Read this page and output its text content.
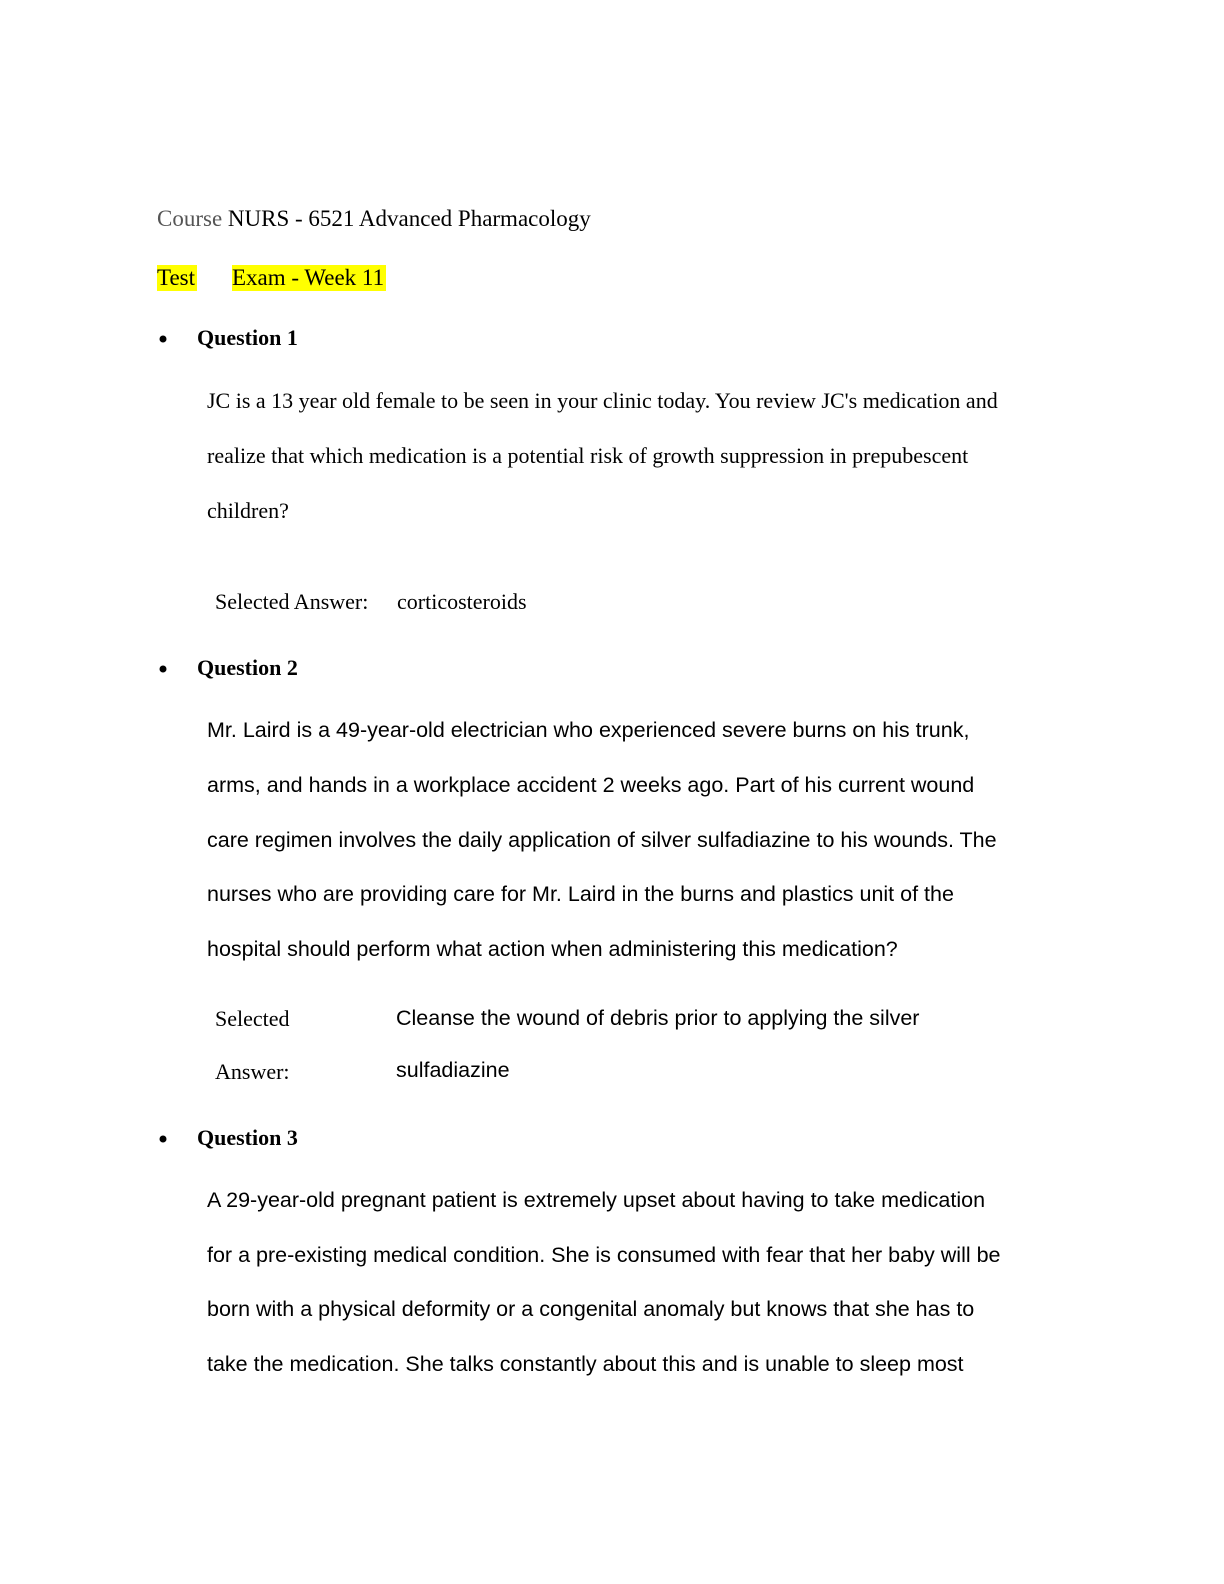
Course NURS - 6521 Advanced Pharmacology
Test Exam - Week 11
Question 1
JC is a 13 year old female to be seen in your clinic today. You review JC's medication and
realize that which medication is a potential risk of growth suppression in prepubescent
children?
Selected Answer: corticosteroids
Question 2
Mr. Laird is a 49-year-old electrician who experienced severe burns on his trunk,
arms, and hands in a workplace accident 2 weeks ago. Part of his current wound
care regimen involves the daily application of silver sulfadiazine to his wounds. The
nurses who are providing care for Mr. Laird in the burns and plastics unit of the
hospital should perform what action when administering this medication?
Selected
Answer:
Cleanse the wound of debris prior to applying the silver
sulfadiazine
Question 3
A 29-year-old pregnant patient is extremely upset about having to take medication
for a pre-existing medical condition. She is consumed with fear that her baby will be
born with a physical deformity or a congenital anomaly but knows that she has to
take the medication. She talks constantly about this and is unable to sleep most
